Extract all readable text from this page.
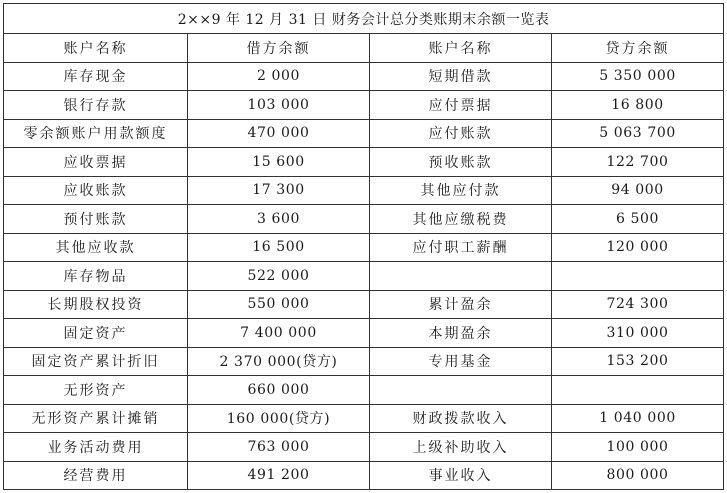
2××9 年 12 月 31 日 财务会计总分类账期末余额一览表			
账户名称	借方余额	账户名称	贷方余额
库存现金	2 000	短期借款	5 350 000
银行存款	103 000	应付票据	16 800
零余额账户用款额度	470 000	应付账款	5 063 700
应收票据	15 600	预收账款	122 700
应收账款	17 300	其他应付款	94 000
预付账款	3 600	其他应缴税费	6 500
其他应收款	16 500	应付职工薪酬	120 000
库存物品	522 000		
长期股权投资	550 000	累计盈余	724 300
固定资产	7 400 000	本期盈余	310 000
固定资产累计折旧	2 370 000(贷方)	专用基金	153 200
无形资产	660 000		
无形资产累计摊销	160 000(贷方)	财政拨款收入	1 040 000
业务活动费用	763 000	上级补助收入	100 000
经营费用	491 200	事业收入	800 000
